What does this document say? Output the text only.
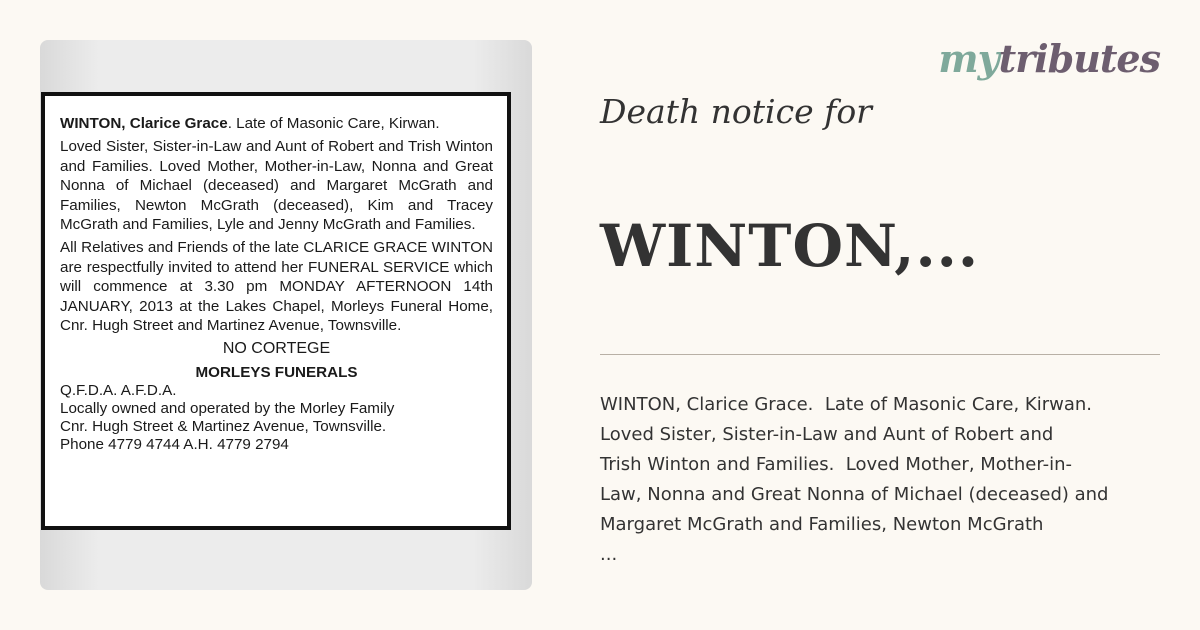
WINTON, Clarice Grace. Late of Masonic Care, Kirwan.

Loved Sister, Sister-in-Law and Aunt of Robert and Trish Winton and Families. Loved Mother, Mother-in-Law, Nonna and Great Nonna of Michael (deceased) and Margaret McGrath and Families, Newton McGrath (deceased), Kim and Tracey McGrath and Families, Lyle and Jenny McGrath and Families.

All Relatives and Friends of the late CLARICE GRACE WINTON are respectfully invited to attend her FUNERAL SERVICE which will commence at 3.30 pm MONDAY AFTERNOON 14th JANUARY, 2013 at the Lakes Chapel, Morleys Funeral Home, Cnr. Hugh Street and Martinez Avenue, Townsville.

NO CORTEGE

MORLEYS FUNERALS

Q.F.D.A. A.F.D.A.

Locally owned and operated by the Morley Family

Cnr. Hugh Street & Martinez Avenue, Townsville.

Phone 4779 4744 A.H. 4779 2794

mytributes
Death notice for
WINTON,...
WINTON, Clarice Grace.  Late of Masonic Care, Kirwan.
Loved Sister, Sister-in-Law and Aunt of Robert and
Trish Winton and Families.  Loved Mother, Mother-in-
Law, Nonna and Great Nonna of Michael (deceased) and
Margaret McGrath and Families, Newton McGrath
...
